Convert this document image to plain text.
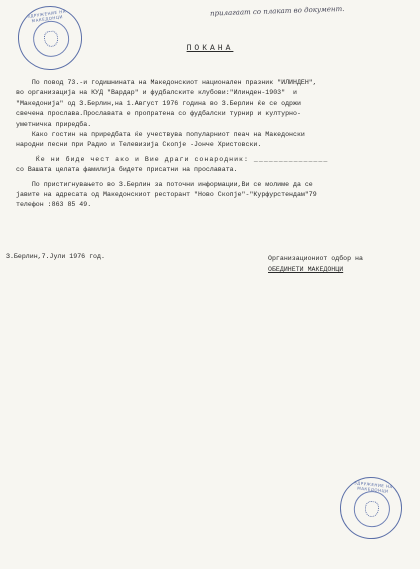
прилагаат со плакат во документ.
ЗДРУЖЕНИЕ НА МАКЕДОНЦИ
ПОКАНА

По повод 73.-и годишнината на Македонскиот национален празник "ИЛИНДЕН",

во организација на КУД "Вардар" и фудбалските клубови:"Илинден-1903"  и

"Македонија" од З.Берлин,на 1.Август 1976 година во З.Берлин ќе се одржи

свечена прослава.Прославата е пропратена со фудбалски турнир и културно-

уметничка приредба.

Како гостин на приредбата ќе учествува популарниот пеач на Македонски

народни песни при Радио и Телевизија Скопје -Јонче Христовски.

Ќе ни биде чест ако и Вие драги сонародник: _______________

со Вашата целата фамилија бидете присатни на прославата.

По пристигнувањето во З.Берлин за поточни информации,Ви се молиме да се

јавите на адресата од Македонскиот ресторант "Ново Скопје"-"Курфурстендам"79

телефон :863 85 49.

З.Берлин,7.Јули 1976 год.	Организациониот одбор на
ОБЕДИНЕТИ МАКЕДОНЦИ
ЗДРУЖЕНИЕ НА МАКЕДОНЦИ
